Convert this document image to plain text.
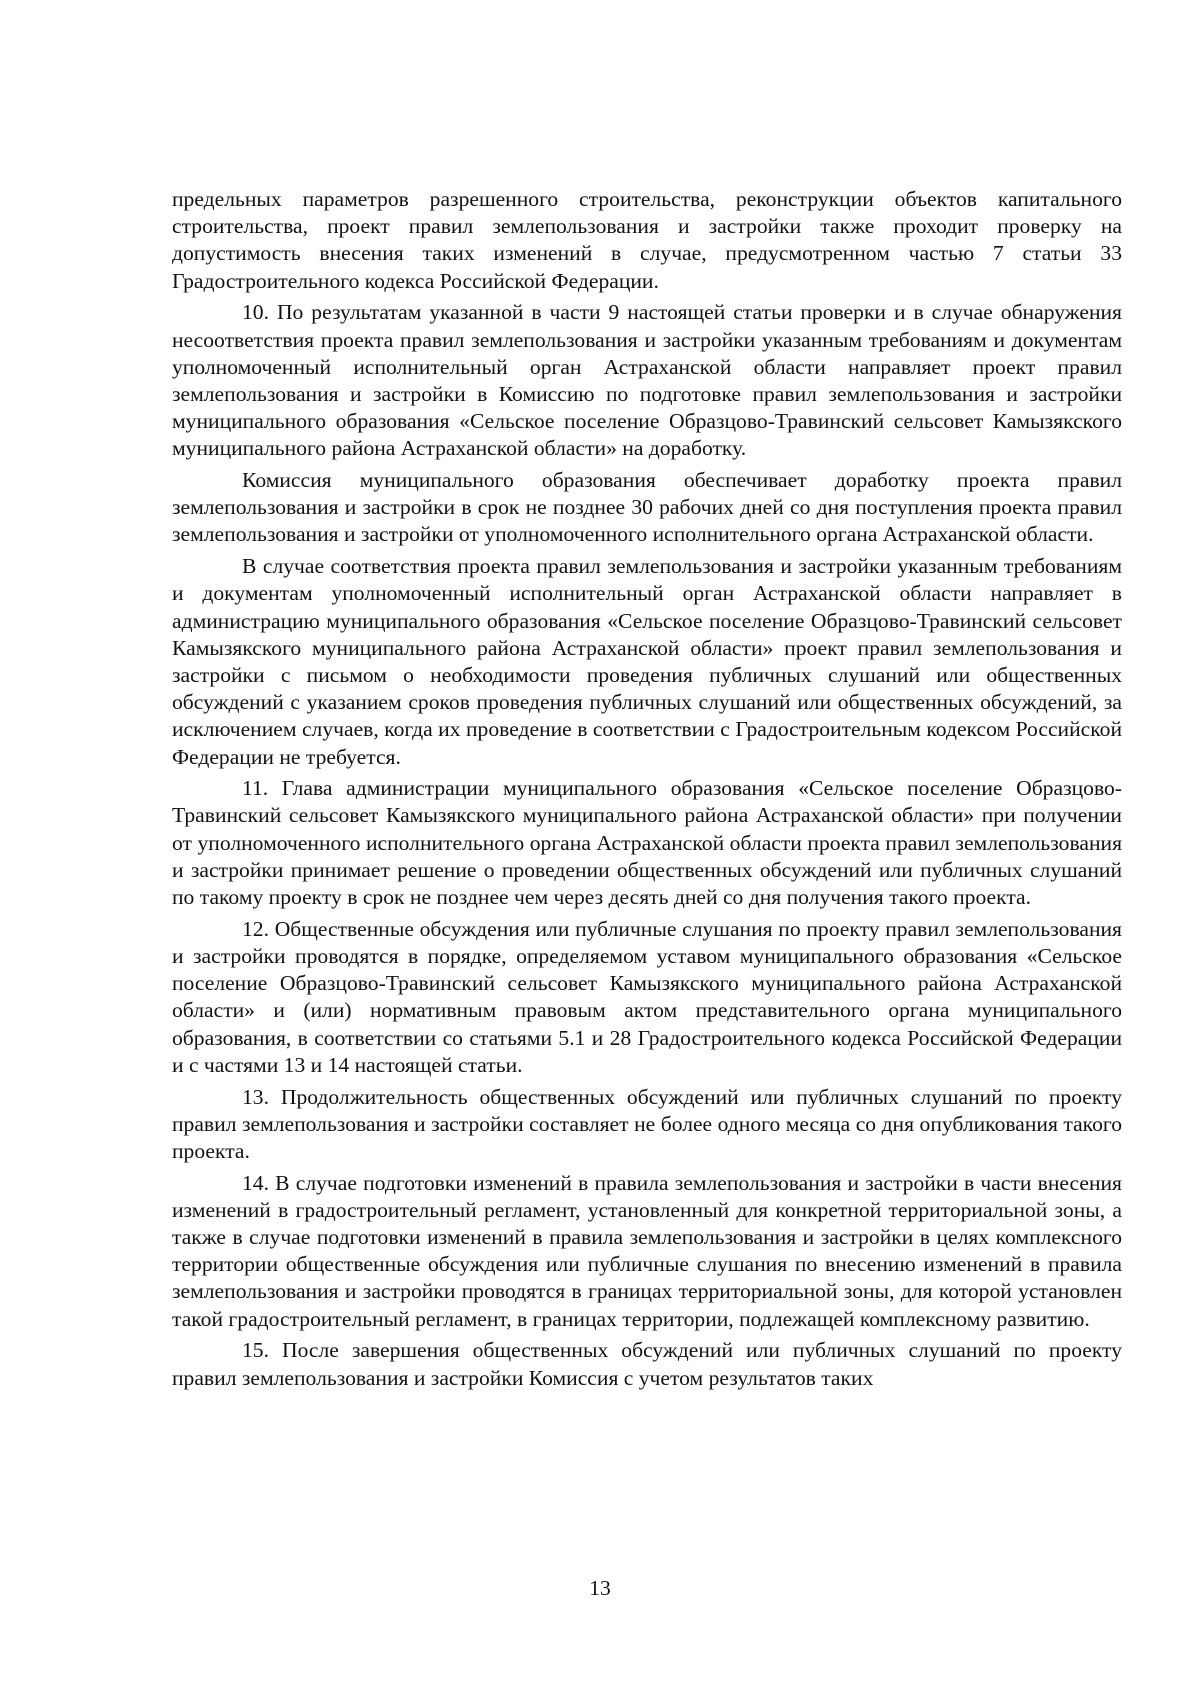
предельных параметров разрешенного строительства, реконструкции объектов капитального строительства, проект правил землепользования и застройки также проходит проверку на допустимость внесения таких изменений в случае, предусмотренном частью 7 статьи 33 Градостроительного кодекса Российской Федерации.

10. По результатам указанной в части 9 настоящей статьи проверки и в случае обнаружения несоответствия проекта правил землепользования и застройки указанным требованиям и документам уполномоченный исполнительный орган Астраханской области направляет проект правил землепользования и застройки в Комиссию по подготовке правил землепользования и застройки муниципального образования «Сельское поселение Образцово-Травинский сельсовет Камызякского муниципального района Астраханской области» на доработку.

Комиссия муниципального образования обеспечивает доработку проекта правил землепользования и застройки в срок не позднее 30 рабочих дней со дня поступления проекта правил землепользования и застройки от уполномоченного исполнительного органа Астраханской области.

В случае соответствия проекта правил землепользования и застройки указанным требованиям и документам уполномоченный исполнительный орган Астраханской области направляет в администрацию муниципального образования «Сельское поселение Образцово-Травинский сельсовет Камызякского муниципального района Астраханской области» проект правил землепользования и застройки с письмом о необходимости проведения публичных слушаний или общественных обсуждений с указанием сроков проведения публичных слушаний или общественных обсуждений, за исключением случаев, когда их проведение в соответствии с Градостроительным кодексом Российской Федерации не требуется.

11. Глава администрации муниципального образования «Сельское поселение Образцово-Травинский сельсовет Камызякского муниципального района Астраханской области» при получении от уполномоченного исполнительного органа Астраханской области проекта правил землепользования и застройки принимает решение о проведении общественных обсуждений или публичных слушаний по такому проекту в срок не позднее чем через десять дней со дня получения такого проекта.

12. Общественные обсуждения или публичные слушания по проекту правил землепользования и застройки проводятся в порядке, определяемом уставом муниципального образования «Сельское поселение Образцово-Травинский сельсовет Камызякского муниципального района Астраханской области» и (или) нормативным правовым актом представительного органа муниципального образования, в соответствии со статьями 5.1 и 28 Градостроительного кодекса Российской Федерации и с частями 13 и 14 настоящей статьи.

13. Продолжительность общественных обсуждений или публичных слушаний по проекту правил землепользования и застройки составляет не более одного месяца со дня опубликования такого проекта.

14. В случае подготовки изменений в правила землепользования и застройки в части внесения изменений в градостроительный регламент, установленный для конкретной территориальной зоны, а также в случае подготовки изменений в правила землепользования и застройки в целях комплексного территории общественные обсуждения или публичные слушания по внесению изменений в правила землепользования и застройки проводятся в границах территориальной зоны, для которой установлен такой градостроительный регламент, в границах территории, подлежащей комплексному развитию.

15. После завершения общественных обсуждений или публичных слушаний по проекту правил землепользования и застройки Комиссия с учетом результатов таких

13
